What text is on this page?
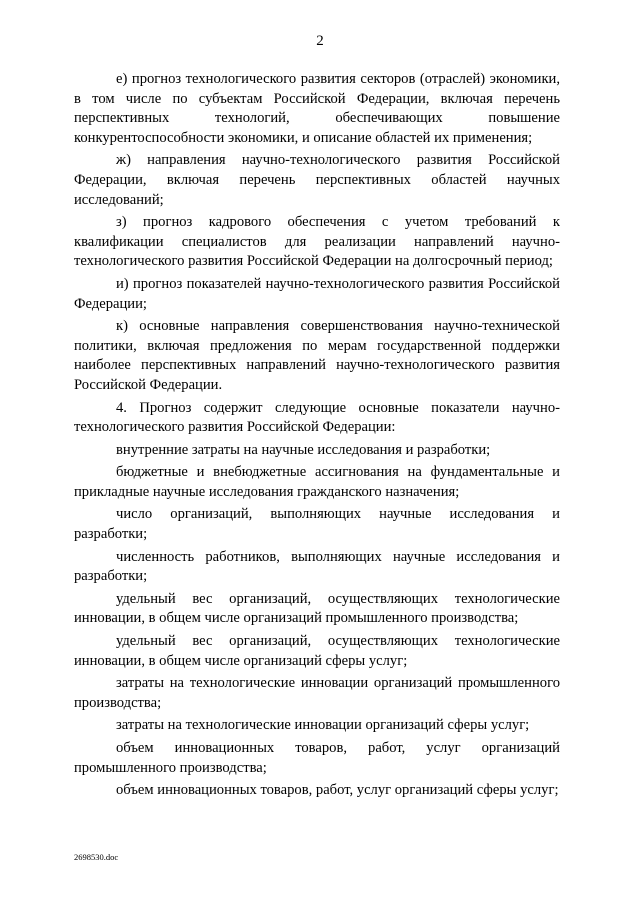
2

е) прогноз технологического развития секторов (отраслей) экономики, в том числе по субъектам Российской Федерации, включая перечень перспективных технологий, обеспечивающих повышение конкурентоспособности экономики, и описание областей их применения;

ж) направления научно-технологического развития Российской Федерации, включая перечень перспективных областей научных исследований;

з) прогноз кадрового обеспечения с учетом требований к квалификации специалистов для реализации направлений научно-технологического развития Российской Федерации на долгосрочный период;

и) прогноз показателей научно-технологического развития Российской Федерации;

к) основные направления совершенствования научно-технической политики, включая предложения по мерам государственной поддержки наиболее перспективных направлений научно-технологического развития Российской Федерации.

4. Прогноз содержит следующие основные показатели научно-технологического развития Российской Федерации:

внутренние затраты на научные исследования и разработки;

бюджетные и внебюджетные ассигнования на фундаментальные и прикладные научные исследования гражданского назначения;

число организаций, выполняющих научные исследования и разработки;

численность работников, выполняющих научные исследования и разработки;

удельный вес организаций, осуществляющих технологические инновации, в общем числе организаций промышленного производства;

удельный вес организаций, осуществляющих технологические инновации, в общем числе организаций сферы услуг;

затраты на технологические инновации организаций промышленного производства;

затраты на технологические инновации организаций сферы услуг;

объем инновационных товаров, работ, услуг организаций промышленного производства;

объем инновационных товаров, работ, услуг организаций сферы услуг;

2698530.doc
